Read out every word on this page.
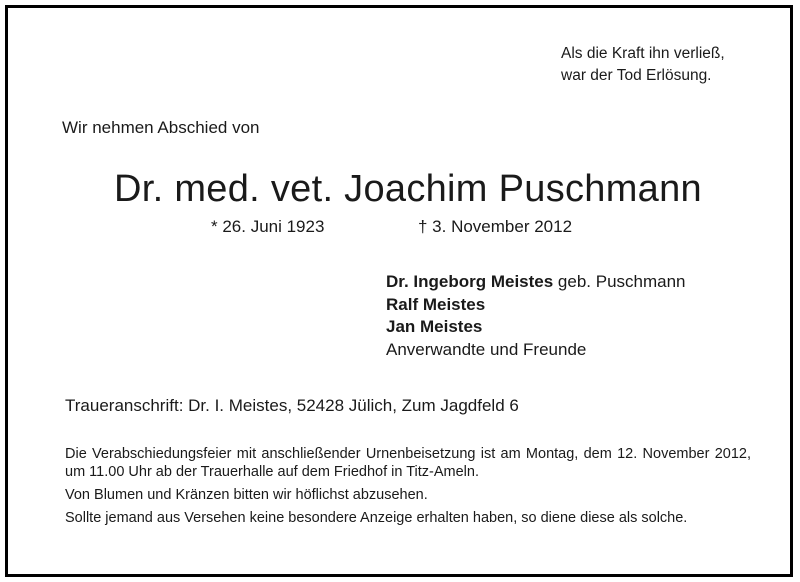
Als die Kraft ihn verließ,
war der Tod Erlösung.
Wir nehmen Abschied von
Dr. med. vet. Joachim Puschmann
* 26. Juni 1923	† 3. November 2012
Dr. Ingeborg Meistes geb. Puschmann
Ralf Meistes
Jan Meistes
Anverwandte und Freunde
Traueranschrift: Dr. I. Meistes, 52428 Jülich, Zum Jagdfeld 6

Die Verabschiedungsfeier mit anschließender Urnenbeisetzung ist am Montag, dem 12. November 2012, um 11.00 Uhr ab der Trauerhalle auf dem Friedhof in Titz-Ameln.

Von Blumen und Kränzen bitten wir höflichst abzusehen.

Sollte jemand aus Versehen keine besondere Anzeige erhalten haben, so diene diese als solche.
